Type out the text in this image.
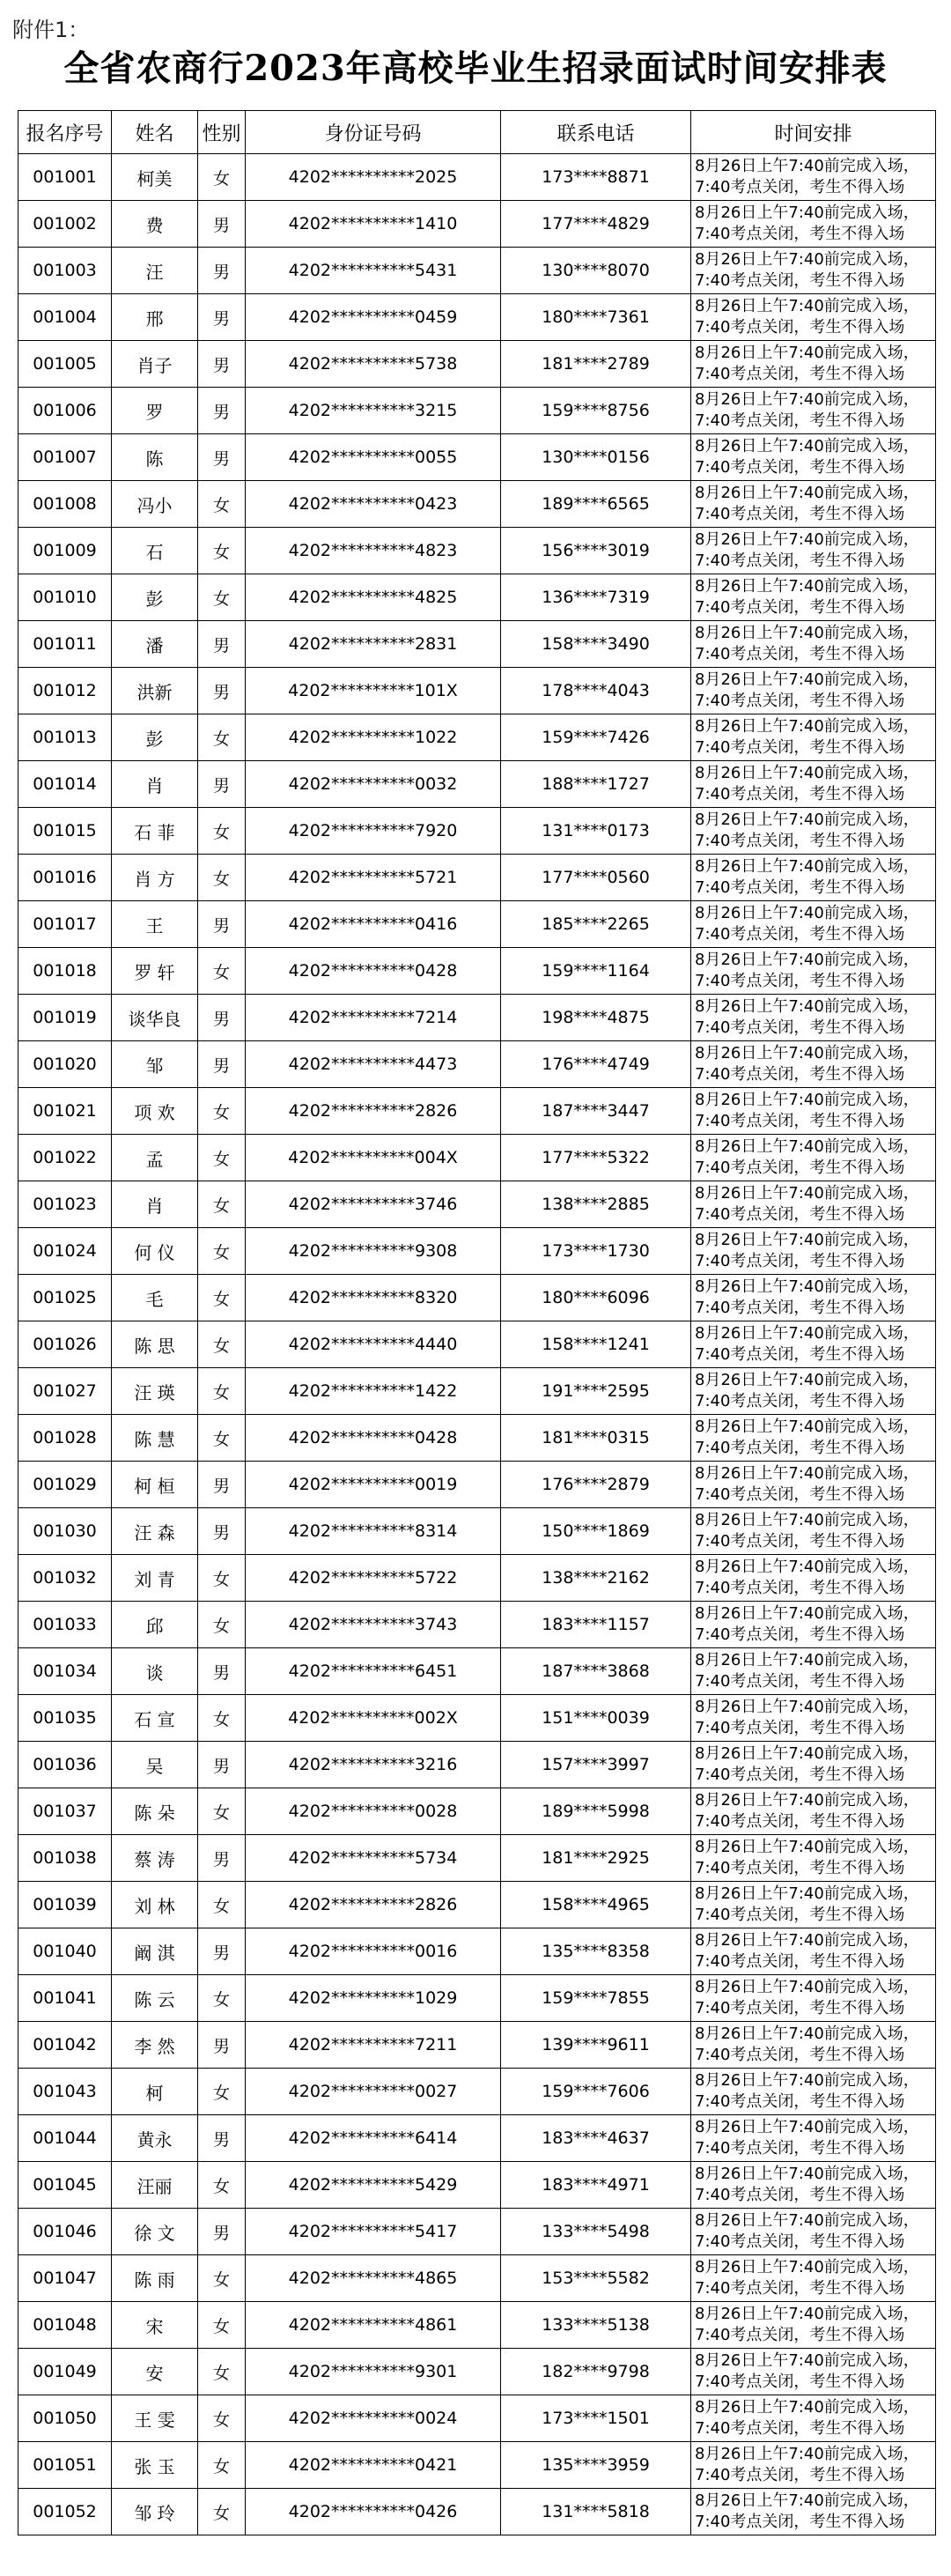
附件1：
全省农商行2023年高校毕业生招录面试时间安排表
报名序号	姓名	性别	身份证号码	联系电话	时间安排
001001	柯美	女	4202**********2025	173****8871	8月26日上午7:40前完成入场，
7:40考点关闭，考生不得入场

001002	费	男	4202**********1410	177****4829	8月26日上午7:40前完成入场，
7:40考点关闭，考生不得入场

001003	汪	男	4202**********5431	130****8070	8月26日上午7:40前完成入场，
7:40考点关闭，考生不得入场

001004	邢	男	4202**********0459	180****7361	8月26日上午7:40前完成入场，
7:40考点关闭，考生不得入场

001005	肖子	男	4202**********5738	181****2789	8月26日上午7:40前完成入场，
7:40考点关闭，考生不得入场

001006	罗	男	4202**********3215	159****8756	8月26日上午7:40前完成入场，
7:40考点关闭，考生不得入场

001007	陈	男	4202**********0055	130****0156	8月26日上午7:40前完成入场，
7:40考点关闭，考生不得入场

001008	冯小	女	4202**********0423	189****6565	8月26日上午7:40前完成入场，
7:40考点关闭，考生不得入场

001009	石	女	4202**********4823	156****3019	8月26日上午7:40前完成入场，
7:40考点关闭，考生不得入场

001010	彭	女	4202**********4825	136****7319	8月26日上午7:40前完成入场，
7:40考点关闭，考生不得入场

001011	潘	男	4202**********2831	158****3490	8月26日上午7:40前完成入场，
7:40考点关闭，考生不得入场

001012	洪新	男	4202**********101X	178****4043	8月26日上午7:40前完成入场，
7:40考点关闭，考生不得入场

001013	彭	女	4202**********1022	159****7426	8月26日上午7:40前完成入场，
7:40考点关闭，考生不得入场

001014	肖	男	4202**********0032	188****1727	8月26日上午7:40前完成入场，
7:40考点关闭，考生不得入场

001015	石 菲	女	4202**********7920	131****0173	8月26日上午7:40前完成入场，
7:40考点关闭，考生不得入场

001016	肖 方	女	4202**********5721	177****0560	8月26日上午7:40前完成入场，
7:40考点关闭，考生不得入场

001017	王	男	4202**********0416	185****2265	8月26日上午7:40前完成入场，
7:40考点关闭，考生不得入场

001018	罗 轩	女	4202**********0428	159****1164	8月26日上午7:40前完成入场，
7:40考点关闭，考生不得入场

001019	谈华良	男	4202**********7214	198****4875	8月26日上午7:40前完成入场，
7:40考点关闭，考生不得入场

001020	邹	男	4202**********4473	176****4749	8月26日上午7:40前完成入场，
7:40考点关闭，考生不得入场

001021	项 欢	女	4202**********2826	187****3447	8月26日上午7:40前完成入场，
7:40考点关闭，考生不得入场

001022	孟	女	4202**********004X	177****5322	8月26日上午7:40前完成入场，
7:40考点关闭，考生不得入场

001023	肖	女	4202**********3746	138****2885	8月26日上午7:40前完成入场，
7:40考点关闭，考生不得入场

001024	何 仪	女	4202**********9308	173****1730	8月26日上午7:40前完成入场，
7:40考点关闭，考生不得入场

001025	毛	女	4202**********8320	180****6096	8月26日上午7:40前完成入场，
7:40考点关闭，考生不得入场

001026	陈 思	女	4202**********4440	158****1241	8月26日上午7:40前完成入场，
7:40考点关闭，考生不得入场

001027	汪 瑛	女	4202**********1422	191****2595	8月26日上午7:40前完成入场，
7:40考点关闭，考生不得入场

001028	陈 慧	女	4202**********0428	181****0315	8月26日上午7:40前完成入场，
7:40考点关闭，考生不得入场

001029	柯 桓	男	4202**********0019	176****2879	8月26日上午7:40前完成入场，
7:40考点关闭，考生不得入场

001030	汪 森	男	4202**********8314	150****1869	8月26日上午7:40前完成入场，
7:40考点关闭，考生不得入场

001032	刘 青	女	4202**********5722	138****2162	8月26日上午7:40前完成入场，
7:40考点关闭，考生不得入场

001033	邱	女	4202**********3743	183****1157	8月26日上午7:40前完成入场，
7:40考点关闭，考生不得入场

001034	谈	男	4202**********6451	187****3868	8月26日上午7:40前完成入场，
7:40考点关闭，考生不得入场

001035	石 宣	女	4202**********002X	151****0039	8月26日上午7:40前完成入场，
7:40考点关闭，考生不得入场

001036	吴	男	4202**********3216	157****3997	8月26日上午7:40前完成入场，
7:40考点关闭，考生不得入场

001037	陈 朵	女	4202**********0028	189****5998	8月26日上午7:40前完成入场，
7:40考点关闭，考生不得入场

001038	蔡 涛	男	4202**********5734	181****2925	8月26日上午7:40前完成入场，
7:40考点关闭，考生不得入场

001039	刘 林	女	4202**********2826	158****4965	8月26日上午7:40前完成入场，
7:40考点关闭，考生不得入场

001040	阚 淇	男	4202**********0016	135****8358	8月26日上午7:40前完成入场，
7:40考点关闭，考生不得入场

001041	陈 云	女	4202**********1029	159****7855	8月26日上午7:40前完成入场，
7:40考点关闭，考生不得入场

001042	李 然	男	4202**********7211	139****9611	8月26日上午7:40前完成入场，
7:40考点关闭，考生不得入场

001043	柯	女	4202**********0027	159****7606	8月26日上午7:40前完成入场，
7:40考点关闭，考生不得入场

001044	黄永	男	4202**********6414	183****4637	8月26日上午7:40前完成入场，
7:40考点关闭，考生不得入场

001045	汪丽	女	4202**********5429	183****4971	8月26日上午7:40前完成入场，
7:40考点关闭，考生不得入场

001046	徐 文	男	4202**********5417	133****5498	8月26日上午7:40前完成入场，
7:40考点关闭，考生不得入场

001047	陈 雨	女	4202**********4865	153****5582	8月26日上午7:40前完成入场，
7:40考点关闭，考生不得入场

001048	宋	女	4202**********4861	133****5138	8月26日上午7:40前完成入场，
7:40考点关闭，考生不得入场

001049	安	女	4202**********9301	182****9798	8月26日上午7:40前完成入场，
7:40考点关闭，考生不得入场

001050	王 雯	女	4202**********0024	173****1501	8月26日上午7:40前完成入场，
7:40考点关闭，考生不得入场

001051	张 玉	女	4202**********0421	135****3959	8月26日上午7:40前完成入场，
7:40考点关闭，考生不得入场

001052	邹 玲	女	4202**********0426	131****5818	8月26日上午7:40前完成入场，
7:40考点关闭，考生不得入场
